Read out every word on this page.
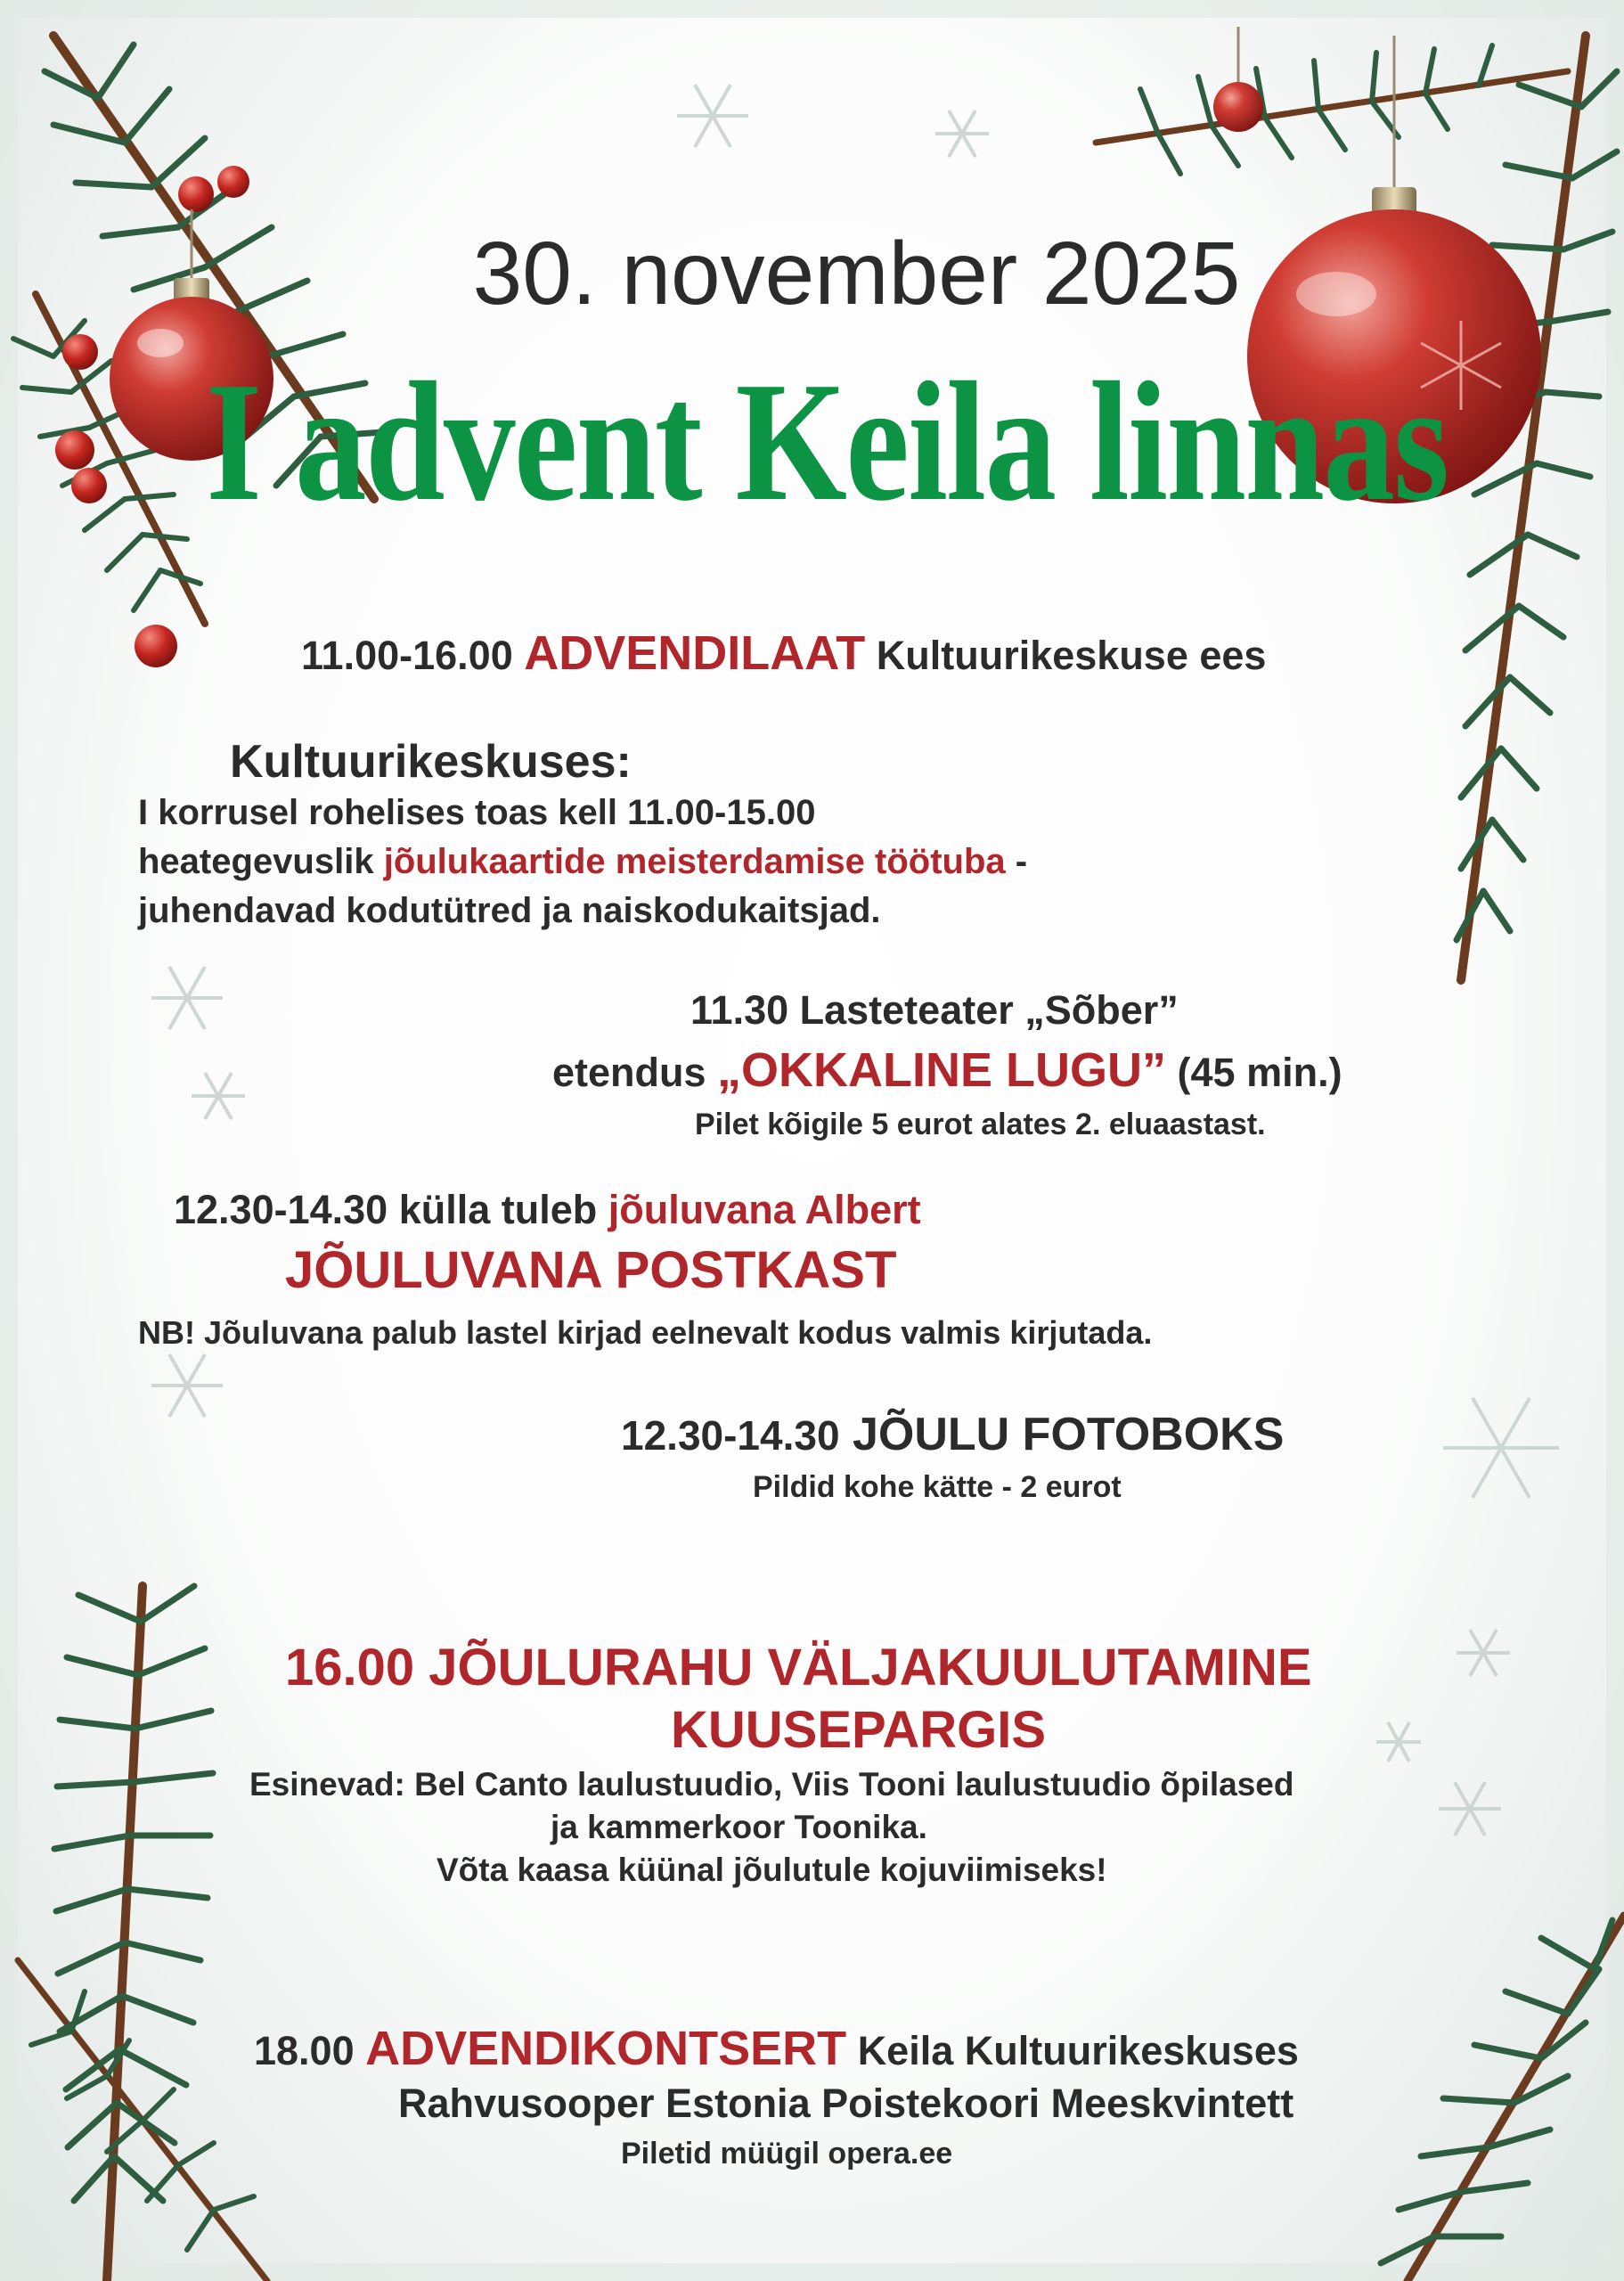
30. november 2025

I advent Keila linnas

11.00-16.00 ADVENDILAAT Kultuurikeskuse ees

Kultuurikeskuses:

I korrusel rohelises toas kell 11.00-15.00

heategevuslik jõulukaartide meisterdamise töötuba -

juhendavad kodutütred ja naiskodukaitsjad.

11.30 Lasteteater „Sõber”

etendus „OKKALINE LUGU” (45 min.)

Pilet kõigile 5 eurot alates 2. eluaastast.

12.30-14.30 külla tuleb jõuluvana Albert

JÕULUVANA POSTKAST

NB! Jõuluvana palub lastel kirjad eelnevalt kodus valmis kirjutada.

12.30-14.30 JÕULU FOTOBOKS

Pildid kohe kätte - 2 eurot

16.00 JÕULURAHU VÄLJAKUULUTAMINE

KUUSEPARGIS

Esinevad: Bel Canto laulustuudio, Viis Tooni laulustuudio õpilased

ja kammerkoor Toonika.

Võta kaasa küünal jõulutule kojuviimiseks!

18.00 ADVENDIKONTSERT Keila Kultuurikeskuses

Rahvusooper Estonia Poistekoori Meeskvintett

Piletid müügil opera.ee
